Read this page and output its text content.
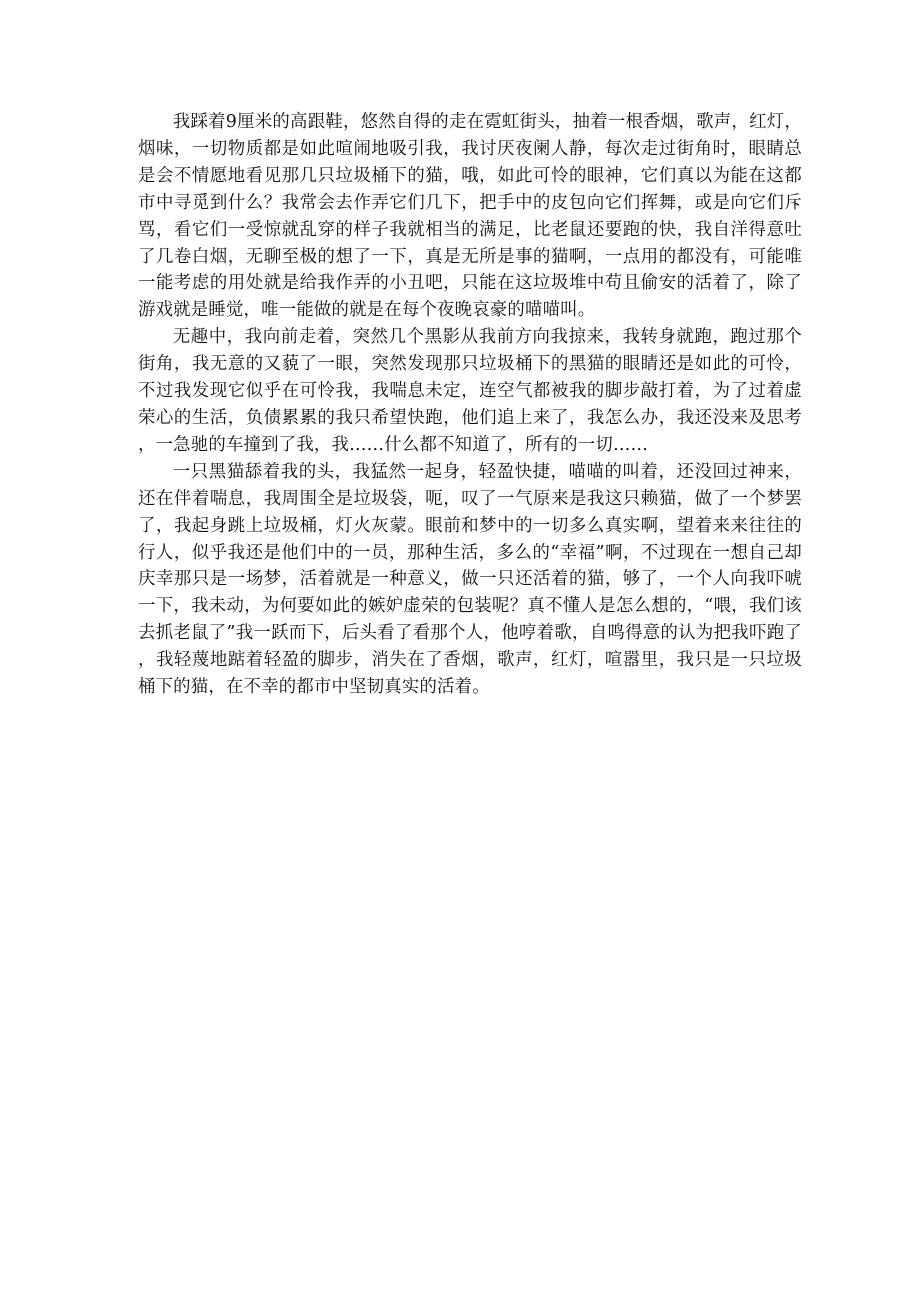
我踩着9厘米的高跟鞋，悠然自得的走在霓虹街头，抽着一根香烟，歌声，红灯，烟味，一切物质都是如此喧闹地吸引我，我讨厌夜阑人静，每次走过街角时，眼睛总是会不情愿地看见那几只垃圾桶下的猫，哦，如此可怜的眼神，它们真以为能在这都市中寻觅到什么？我常会去作弄它们几下，把手中的皮包向它们挥舞，或是向它们斥骂，看它们一受惊就乱穿的样子我就相当的满足，比老鼠还要跑的快，我自洋得意吐了几卷白烟，无聊至极的想了一下，真是无所是事的猫啊，一点用的都没有，可能唯一能考虑的用处就是给我作弄的小丑吧，只能在这垃圾堆中苟且偷安的活着了，除了游戏就是睡觉，唯一能做的就是在每个夜晚哀豪的喵喵叫。

无趣中，我向前走着，突然几个黑影从我前方向我掠来，我转身就跑，跑过那个街角，我无意的又藐了一眼，突然发现那只垃圾桶下的黑猫的眼睛还是如此的可怜，不过我发现它似乎在可怜我，我喘息未定，连空气都被我的脚步敲打着，为了过着虚荣心的生活，负债累累的我只希望快跑，他们追上来了，我怎么办，我还没来及思考，一急驰的车撞到了我，我……什么都不知道了，所有的一切……

一只黑猫舔着我的头，我猛然一起身，轻盈快捷，喵喵的叫着，还没回过神来，还在伴着喘息，我周围全是垃圾袋，呃，叹了一气原来是我这只赖猫，做了一个梦罢了，我起身跳上垃圾桶，灯火灰蒙。眼前和梦中的一切多么真实啊，望着来来往往的行人，似乎我还是他们中的一员，那种生活，多么的“幸福”啊，不过现在一想自己却庆幸那只是一场梦，活着就是一种意义，做一只还活着的猫，够了，一个人向我吓唬一下，我未动，为何要如此的嫉妒虚荣的包装呢？真不懂人是怎么想的，“喂，我们该去抓老鼠了”我一跃而下，后头看了看那个人，他哼着歌，自鸣得意的认为把我吓跑了，我轻蔑地踮着轻盈的脚步，消失在了香烟，歌声，红灯，喧嚣里，我只是一只垃圾桶下的猫，在不幸的都市中坚韧真实的活着。
